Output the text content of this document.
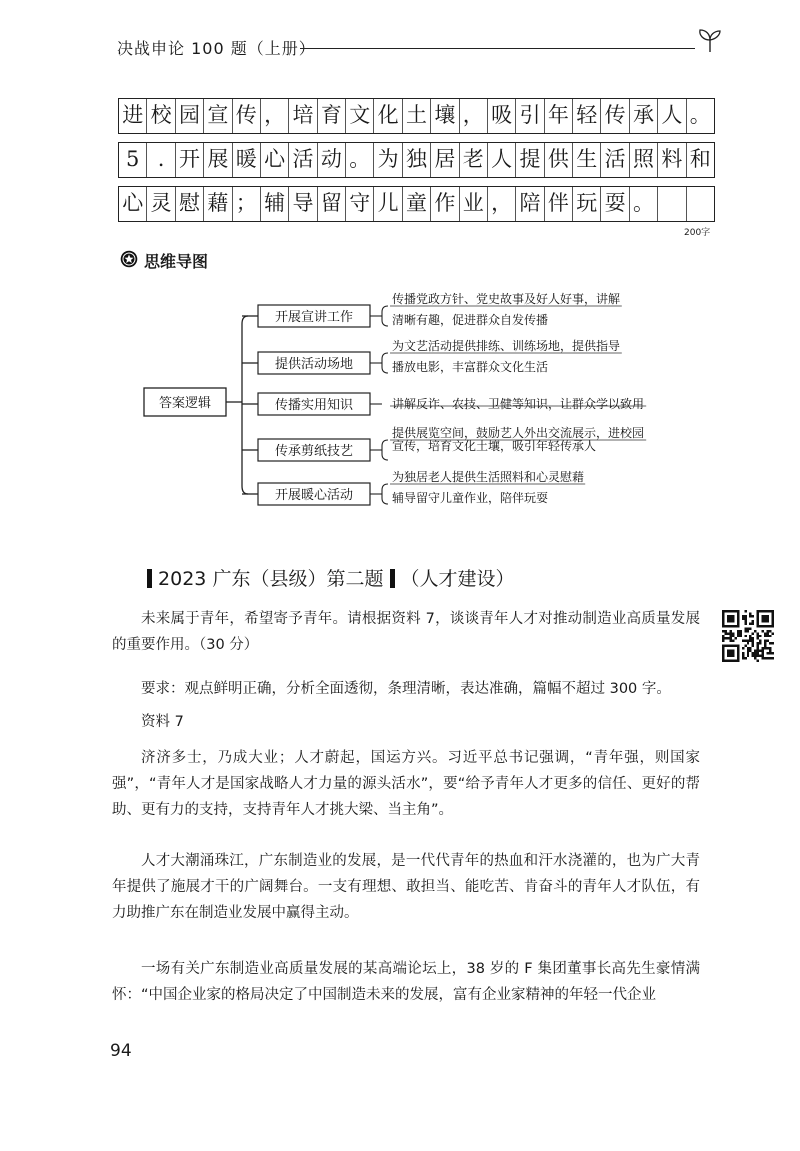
决战申论 100 题（上册）
进 校 园 宣 传 ， 培 育 文 化 土 壤 ， 吸 引 年 轻 传 承 人 。
5 . 开 展 暖 心 活 动 。 为 独 居 老 人 提 供 生 活 照 料 和
心 灵 慰 藉 ； 辅 导 留 守 儿 童 作 业 ， 陪 伴 玩 耍 。
200字
思维导图
答案逻辑
开展宣讲工作
传播党政方针、党史故事及好人好事，讲解
清晰有趣，促进群众自发传播
提供活动场地
为文艺活动提供排练、训练场地，提供指导
播放电影，丰富群众文化生活
传播实用知识	讲解反诈、农技、卫健等知识，让群众学以致用
传承剪纸技艺
提供展览空间，鼓励艺人外出交流展示，进校园
宣传，培育文化土壤，吸引年轻传承人
开展暖心活动
为独居老人提供生活照料和心灵慰藉
辅导留守儿童作业，陪伴玩耍
2023 广东（县级）第二题 （人才建设）
未来属于青年，希望寄予青年。请根据资料 7，谈谈青年人才对推动制造业高质量发展的重要作用。（30 分）
要求：观点鲜明正确，分析全面透彻，条理清晰，表达准确，篇幅不超过 300 字。
资料 7
济济多士，乃成大业；人才蔚起，国运方兴。习近平总书记强调，“青年强，则国家强”，“青年人才是国家战略人才力量的源头活水”，要“给予青年人才更多的信任、更好的帮助、更有力的支持，支持青年人才挑大梁、当主角”。
人才大潮涌珠江，广东制造业的发展，是一代代青年的热血和汗水浇灌的，也为广大青年提供了施展才干的广阔舞台。一支有理想、敢担当、能吃苦、肯奋斗的青年人才队伍，有力助推广东在制造业发展中赢得主动。
一场有关广东制造业高质量发展的某高端论坛上，38 岁的 F 集团董事长高先生豪情满怀：“中国企业家的格局决定了中国制造未来的发展，富有企业家精神的年轻一代企业
94
